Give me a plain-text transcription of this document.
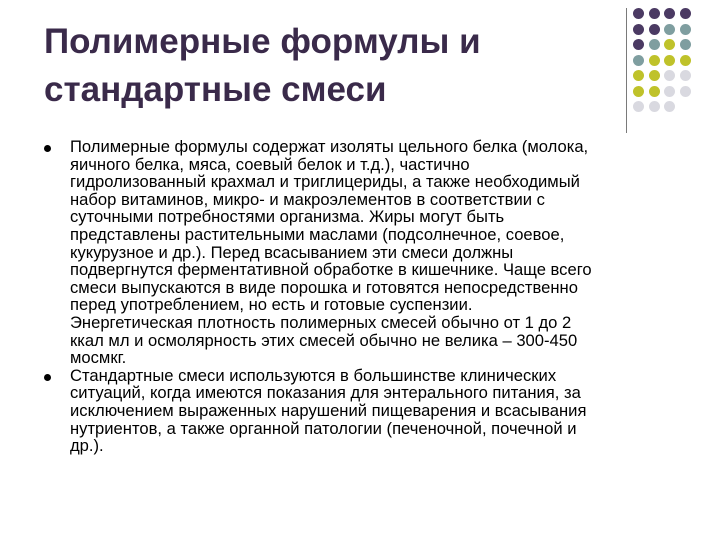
Полимерные формулы и
стандартные смеси
Полимерные формулы содержат изоляты цельного белка (молока,
яичного белка, мяса, соевый белок и т.д.), частично
гидролизованный крахмал и триглицериды, а также необходимый
набор витаминов, микро- и макроэлементов в соответствии с
суточными потребностями организма. Жиры могут быть
представлены растительными маслами (подсолнечное, соевое,
кукурузное и др.). Перед всасыванием эти смеси должны
подвергнутся ферментативной обработке в кишечнике. Чаще всего
смеси выпускаются в виде порошка и готовятся непосредственно
перед употреблением, но есть и готовые суспензии.
Энергетическая плотность полимерных смесей обычно от 1 до 2
ккал мл и осмолярность этих смесей обычно не велика – 300-450
мосмкг.
Стандартные смеси используются в большинстве клинических
ситуаций, когда имеются показания для энтерального питания, за
исключением выраженных нарушений пищеварения и всасывания
нутриентов, а также органной патологии (печеночной, почечной и
др.).
